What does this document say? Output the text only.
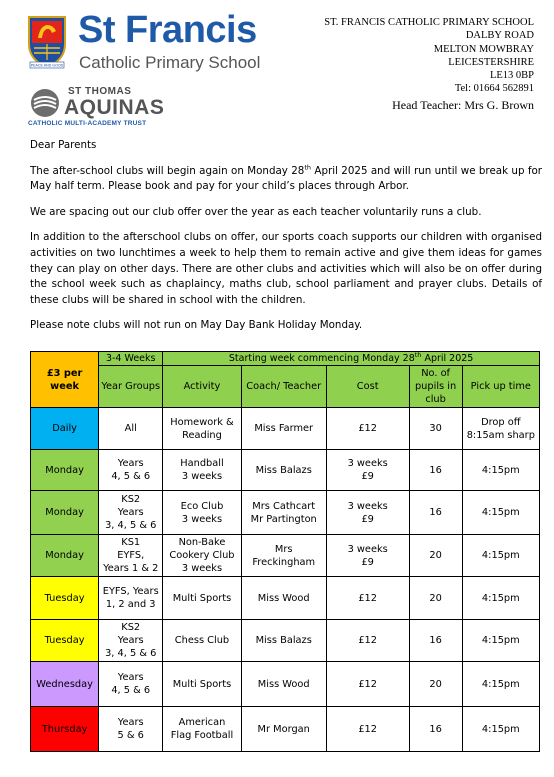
PEACE AND GOOD
St Francis
Catholic Primary School
ST THOMAS
AQUINAS
CATHOLIC MULTI-ACADEMY TRUST
ST. FRANCIS CATHOLIC PRIMARY SCHOOL
DALBY ROAD
MELTON MOWBRAY
LEICESTERSHIRE
LE13 0BP
Tel: 01664 562891
Head Teacher: Mrs G. Brown

Dear Parents

The after-school clubs will begin again on Monday 28th April 2025 and will run until we break up for May half term. Please book and pay for your child’s places through Arbor.

We are spacing out our club offer over the year as each teacher voluntarily runs a club.

In addition to the afterschool clubs on offer, our sports coach supports our children with organised activities on two lunchtimes a week to help them to remain active and give them ideas for games they can play on other days. There are other clubs and activities which will also be on offer during the school week such as chaplaincy, maths club, school parliament and prayer clubs. Details of these clubs will be shared in school with the children.

Please note clubs will not run on May Day Bank Holiday Monday.

£3 per week	3-4 Weeks	Starting week commencing Monday 28th April 2025				
	Year Groups	Activity	Coach/ Teacher	Cost	No. of pupils in club	Pick up time
Daily	All	Homework &
Reading	Miss Farmer	£12	30	Drop off
8:15am sharp

Monday	Years
4, 5 & 6	Handball
3 weeks	Miss Balazs	3 weeks
£9	16	4:15pm

Monday	KS2
Years
3, 4, 5 & 6	Eco Club
3 weeks	Mrs Cathcart
Mr Partington	3 weeks
£9	16	4:15pm

Monday	KS1
EYFS,
Years 1 & 2	Non-Bake
Cookery Club
3 weeks	Mrs
Freckingham	3 weeks
£9	20	4:15pm

Tuesday	EYFS, Years
1, 2 and 3	Multi Sports	Miss Wood	£12	20	4:15pm

Tuesday	KS2
Years
3, 4, 5 & 6	Chess Club	Miss Balazs	£12	16	4:15pm

Wednesday	Years
4, 5 & 6	Multi Sports	Miss Wood	£12	20	4:15pm

Thursday	Years
5 & 6	American
Flag Football	Mr Morgan	£12	16	4:15pm
